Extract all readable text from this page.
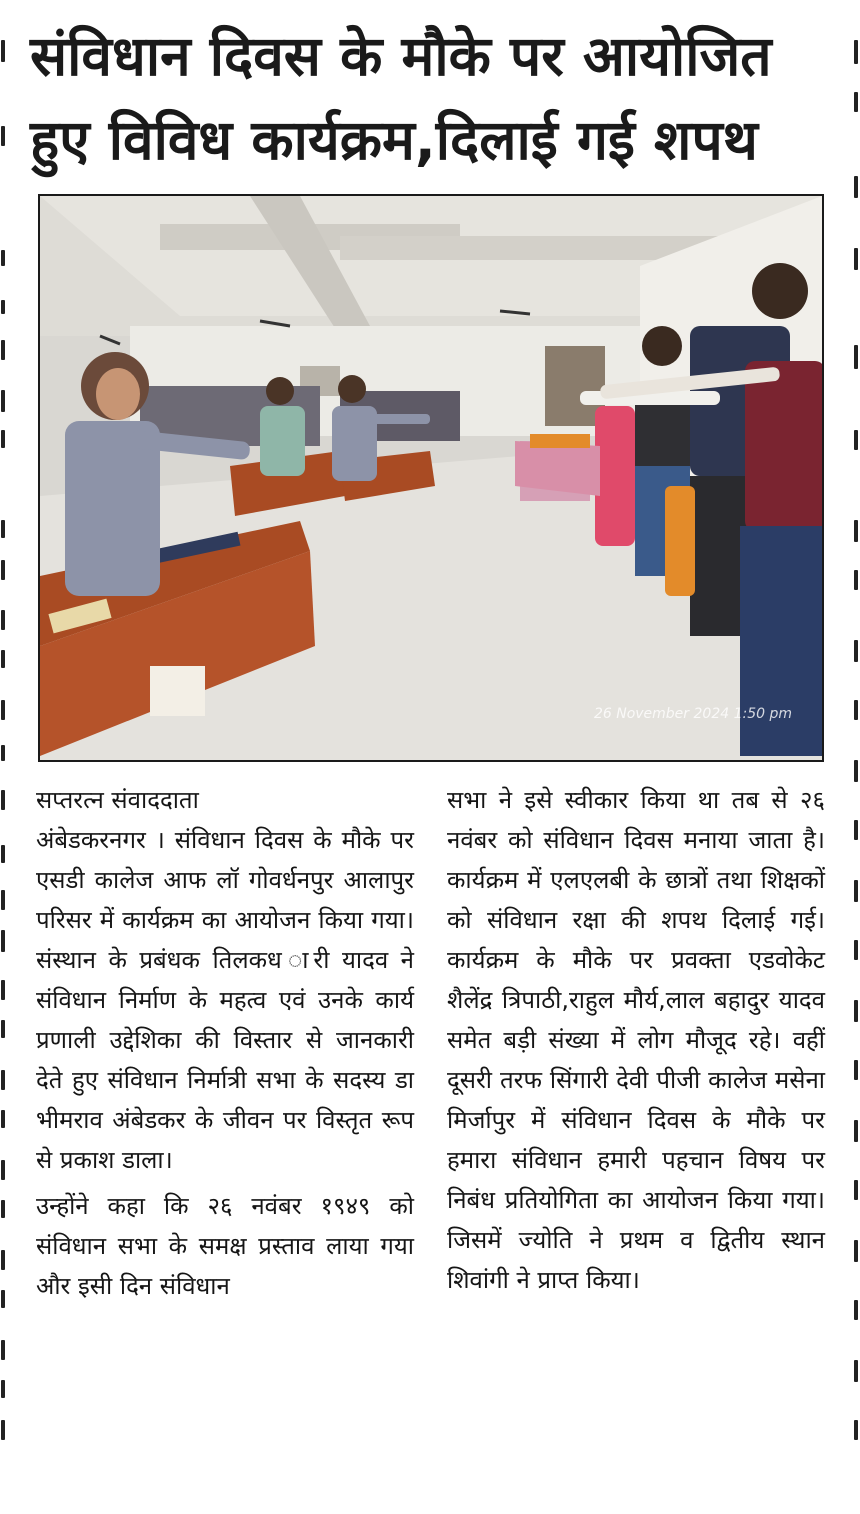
संविधान दिवस के मौके पर आयोजित
हुए विविध कार्यक्रम,दिलाई गई शपथ
26 November 2024 1:50 pm

सप्तरत्न संवाददाता

अंबेडकरनगर । संविधान दिवस के मौके पर एसडी कालेज आफ लॉ गोवर्धनपुर आलापुर परिसर में कार्यक्रम का आयोजन किया गया।संस्थान के प्रबंधक तिलकध ारी यादव ने संविधान निर्माण के महत्व एवं उनके कार्य प्रणाली उद्देशिका की विस्तार से जानकारी देते हुए संविधान निर्मात्री सभा के सदस्य डा भीमराव अंबेडकर के जीवन पर विस्तृत रूप से प्रकाश डाला।

उन्होंने कहा कि २६ नवंबर १९४९ को संविधान सभा के समक्ष प्रस्ताव लाया गया और इसी दिन संविधान

सभा ने इसे स्वीकार किया था तब से २६ नवंबर को संविधान दिवस मनाया जाता है।कार्यक्रम में एलएलबी के छात्रों तथा शिक्षकों को संविधान रक्षा की शपथ दिलाई गई।कार्यक्रम के मौके पर प्रवक्ता एडवोकेट शैलेंद्र त्रिपाठी,राहुल मौर्य,लाल बहादुर यादव समेत बड़ी संख्या में लोग मौजूद रहे। वहीं दूसरी तरफ सिंगारी देवी पीजी कालेज मसेना मिर्जापुर में संविधान दिवस के मौके पर हमारा संविधान हमारी पहचान विषय पर निबंध प्रतियोगिता का आयोजन किया गया।जिसमें ज्योति ने प्रथम व द्वितीय स्थान शिवांगी ने प्राप्त किया।
